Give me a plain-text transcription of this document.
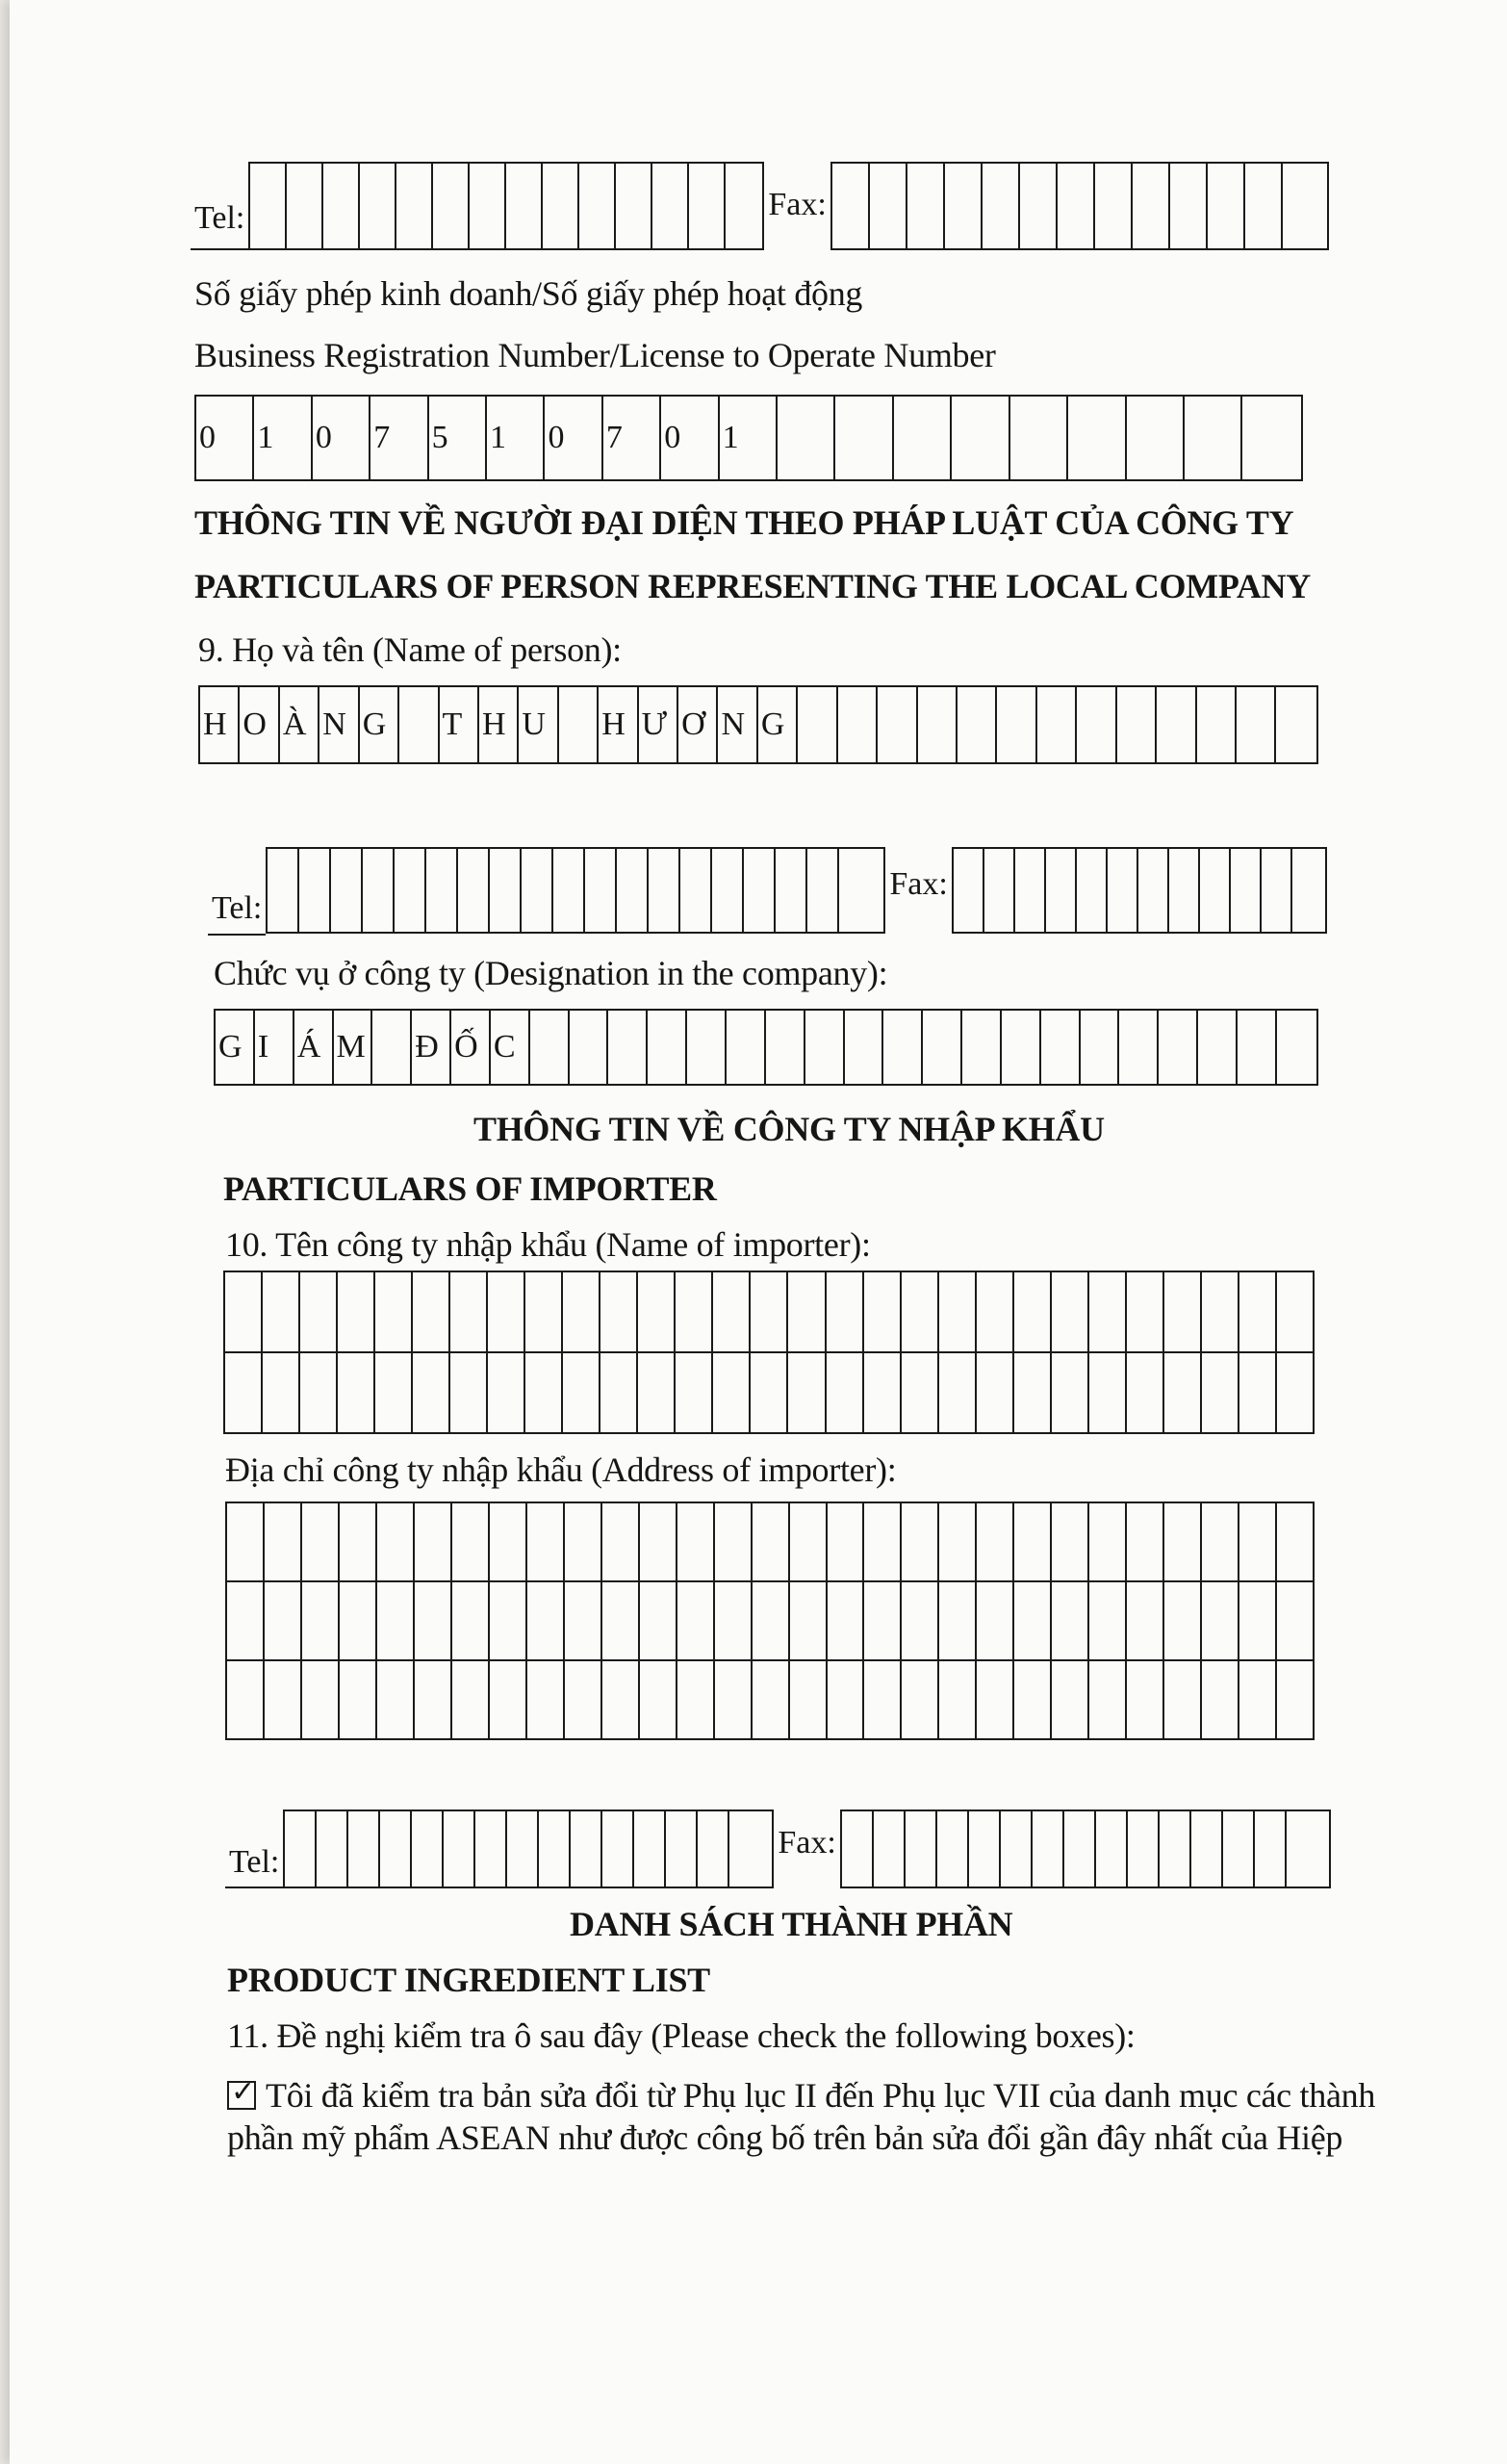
Tel:	Fax:
Số giấy phép kinh doanh/Số giấy phép hoạt động
Business Registration Number/License to Operate Number
0	1	0	7	5	1	0	7	0	1
THÔNG TIN VỀ NGƯỜI ĐẠI DIỆN THEO PHÁP LUẬT CỦA CÔNG TY
PARTICULARS OF PERSON REPRESENTING THE LOCAL COMPANY
9. Họ và tên (Name of person):
H O À N G	T H U	H Ư Ơ N G
Tel:
Fax:
Chức vụ ở công ty (Designation in the company):
G I Á M Đ Ố C
THÔNG TIN VỀ CÔNG TY NHẬP KHẨU
PARTICULARS OF IMPORTER
10. Tên công ty nhập khẩu (Name of importer):
Địa chỉ công ty nhập khẩu (Address of importer):
Tel:
Fax:
DANH SÁCH THÀNH PHẦN
PRODUCT INGREDIENT LIST
11. Đề nghị kiểm tra ô sau đây (Please check the following boxes):
✓Tôi đã kiểm tra bản sửa đổi từ Phụ lục II đến Phụ lục VII của danh mục các thành
phần mỹ phẩm ASEAN như được công bố trên bản sửa đổi gần đây nhất của Hiệp
